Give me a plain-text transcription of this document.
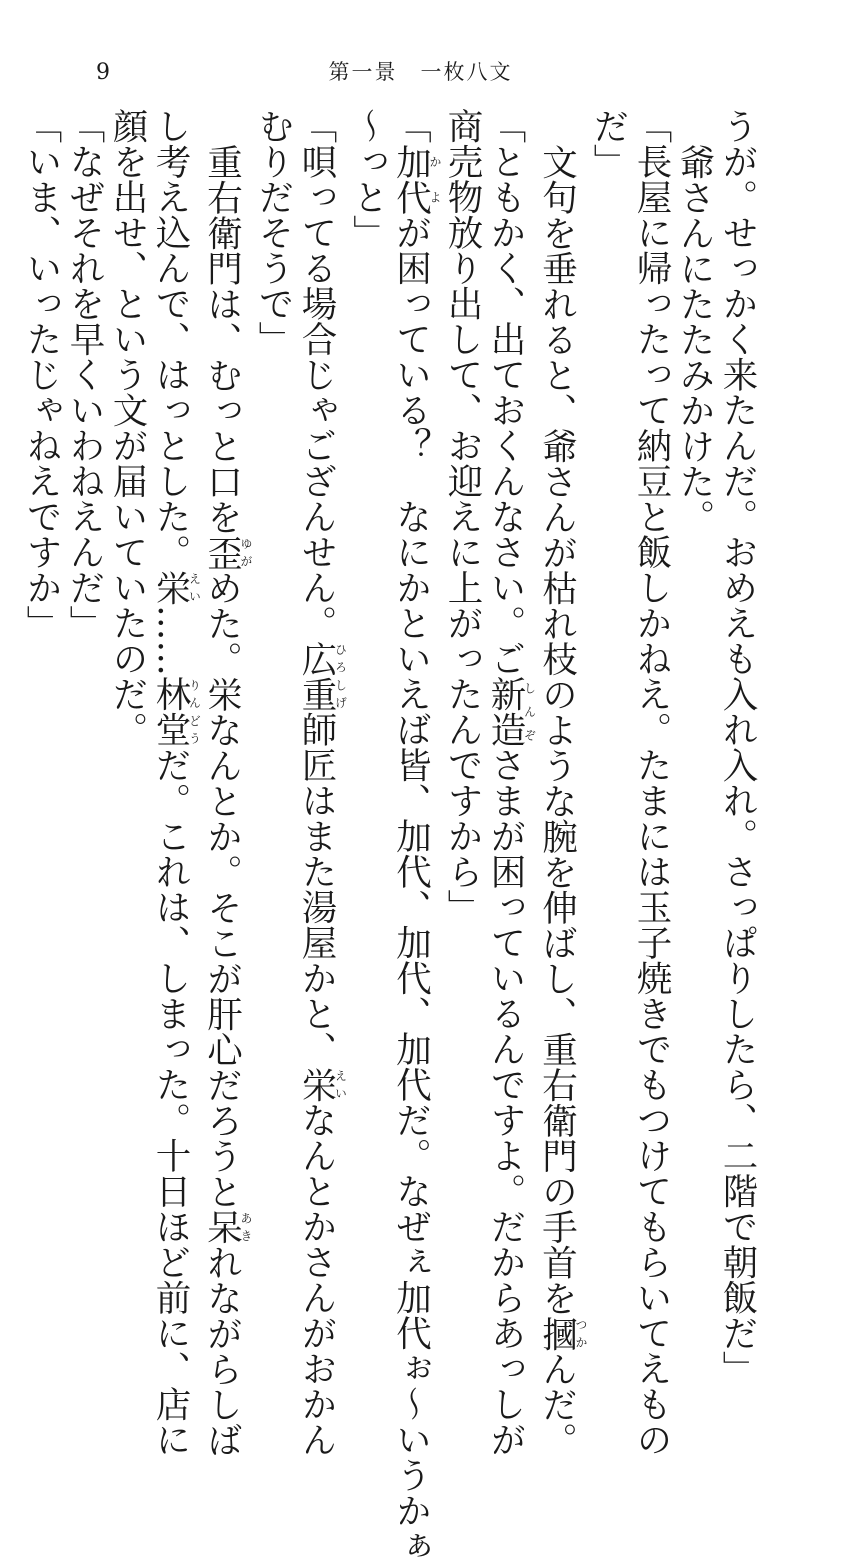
9	第一景　一枚八文

うが。せっかく来たんだ。おめえも入れ入れ。さっぱりしたら、二階で朝飯だ」

爺さんにたたみかけた。

「長屋に帰ったって納豆と飯しかねえ。たまには玉子焼きでもつけてもらいてえもの

だ」

文句を垂れると、爺さんが枯れ枝のような腕を伸ばし、重右衛門の手首を摑つかんだ。

「ともかく、出ておくんなさい。ご新造しんぞさまが困っているんですよ。だからあっしが

商売物放り出して、お迎えに上がったんですから」

「加代かよが困っている？　なにかといえば皆、加代、加代、加代だ。なぜぇ加代ぉ～いうかぁ

～っと」

「唄ってる場合じゃござんせん。広重ひろしげ師匠はまた湯屋かと、栄えいなんとかさんがおかん

むりだそうで」

重右衛門は、むっと口を歪ゆがめた。栄なんとか。そこが肝心だろうと呆あきれながらしば

し考え込んで、はっとした。栄えい……林堂りんどうだ。これは、しまった。十日ほど前に、店に

顔を出せ、という文が届いていたのだ。

「なぜそれを早くいわねえんだ」

「いま、いったじゃねえですか」
